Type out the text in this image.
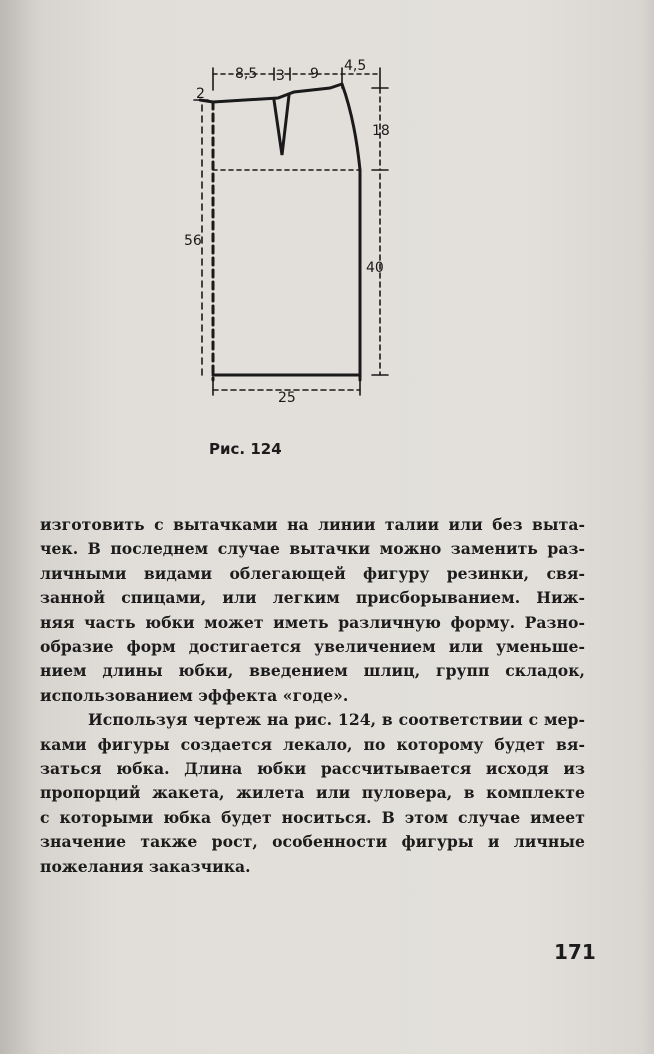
8,5 3 9 4,5
2
18
56
40
25
Рис. 124

изготовить с вытачками на линии талии или без выта-
чек. В последнем случае вытачки можно заменить раз-
личными видами облегающей фигуру резинки, свя-
занной спицами, или легким присборыванием. Ниж-
няя часть юбки может иметь различную форму. Разно-
образие форм достигается увеличением или уменьше-
нием длины юбки, введением шлиц, групп складок,
использованием эффекта «годе».

Используя чертеж на рис. 124, в соответствии с мер-
ками фигуры создается лекало, по которому будет вя-
заться юбка. Длина юбки рассчитывается исходя из
пропорций жакета, жилета или пуловера, в комплекте
с которыми юбка будет носиться. В этом случае имеет
значение также рост, особенности фигуры и личные
пожелания заказчика.

171
